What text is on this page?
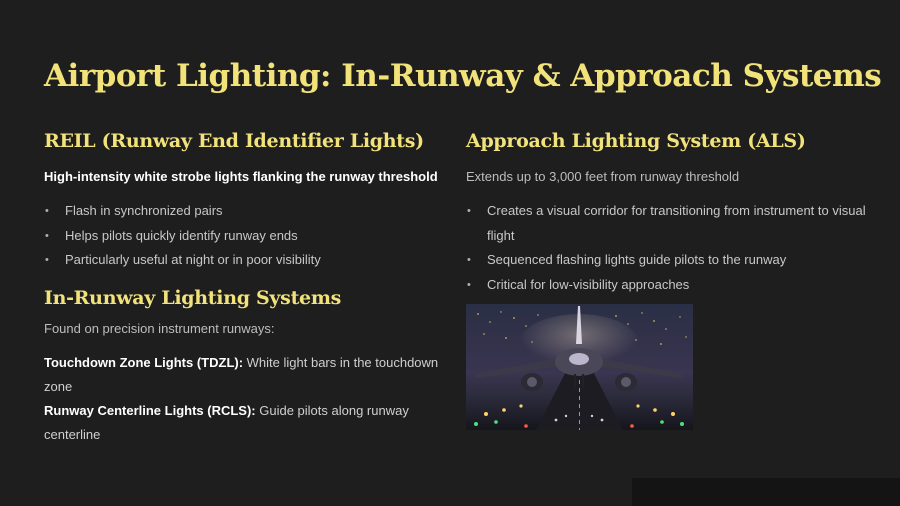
Airport Lighting: In-Runway & Approach Systems
REIL (Runway End Identifier Lights)

High-intensity white strobe lights flanking the runway threshold

• Flash in synchronized pairs
• Helps pilots quickly identify runway ends
• Particularly useful at night or in poor visibility
In-Runway Lighting Systems

Found on precision instrument runways:

Touchdown Zone Lights (TDZL): White light bars in the touchdown zone

Runway Centerline Lights (RCLS): Guide pilots along runway centerline

Approach Lighting System (ALS)

Extends up to 3,000 feet from runway threshold

• Creates a visual corridor for transitioning from instrument to visual flight
• Sequenced flashing lights guide pilots to the runway
• Critical for low-visibility approaches
